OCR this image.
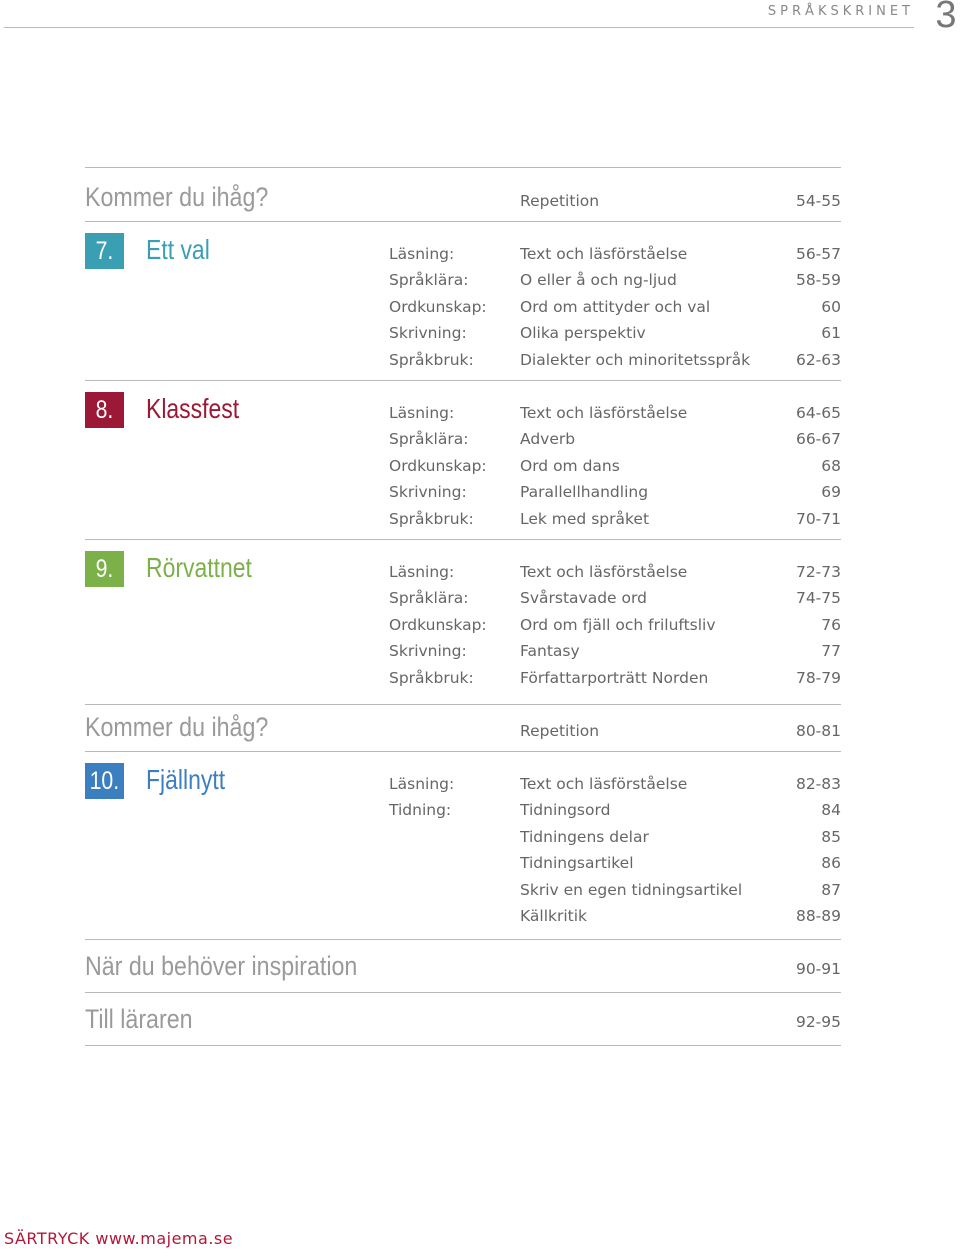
SPRÅKSKRINET 3
Kommer du ihåg?	Repetition	54-55
7.	Ett val	Läsning:	Text och läsförståelse	56-57
Språklära:	O eller å och ng-ljud	58-59
Ordkunskap: Ord om attityder och val	60
Skrivning:	Olika perspektiv	61
Språkbruk:	Dialekter och minoritetsspråk	62-63
8.	Klassfest	Läsning:	Text och läsförståelse	64-65
Språklära:	Adverb	66-67
Ordkunskap: Ord om dans	68
Skrivning:	Parallellhandling	69
Språkbruk:	Lek med språket	70-71
9.	Rörvattnet	Läsning:	Text och läsförståelse	72-73
Språklära:	Svårstavade ord	74-75
Ordkunskap: Ord om fjäll och friluftsliv	76
Skrivning:	Fantasy	77
Språkbruk:	Författarporträtt Norden	78-79
Kommer du ihåg?	Repetition	80-81
10. Fjällnytt	Läsning:	Text och läsförståelse	82-83
Tidning:	Tidningsord	84
Tidningens delar	85
Tidningsartikel	86
Skriv en egen tidningsartikel	87
Källkritik	88-89
När du behöver inspiration	90-91
Till läraren	92-95
SÄRTRYCK www.majema.se
